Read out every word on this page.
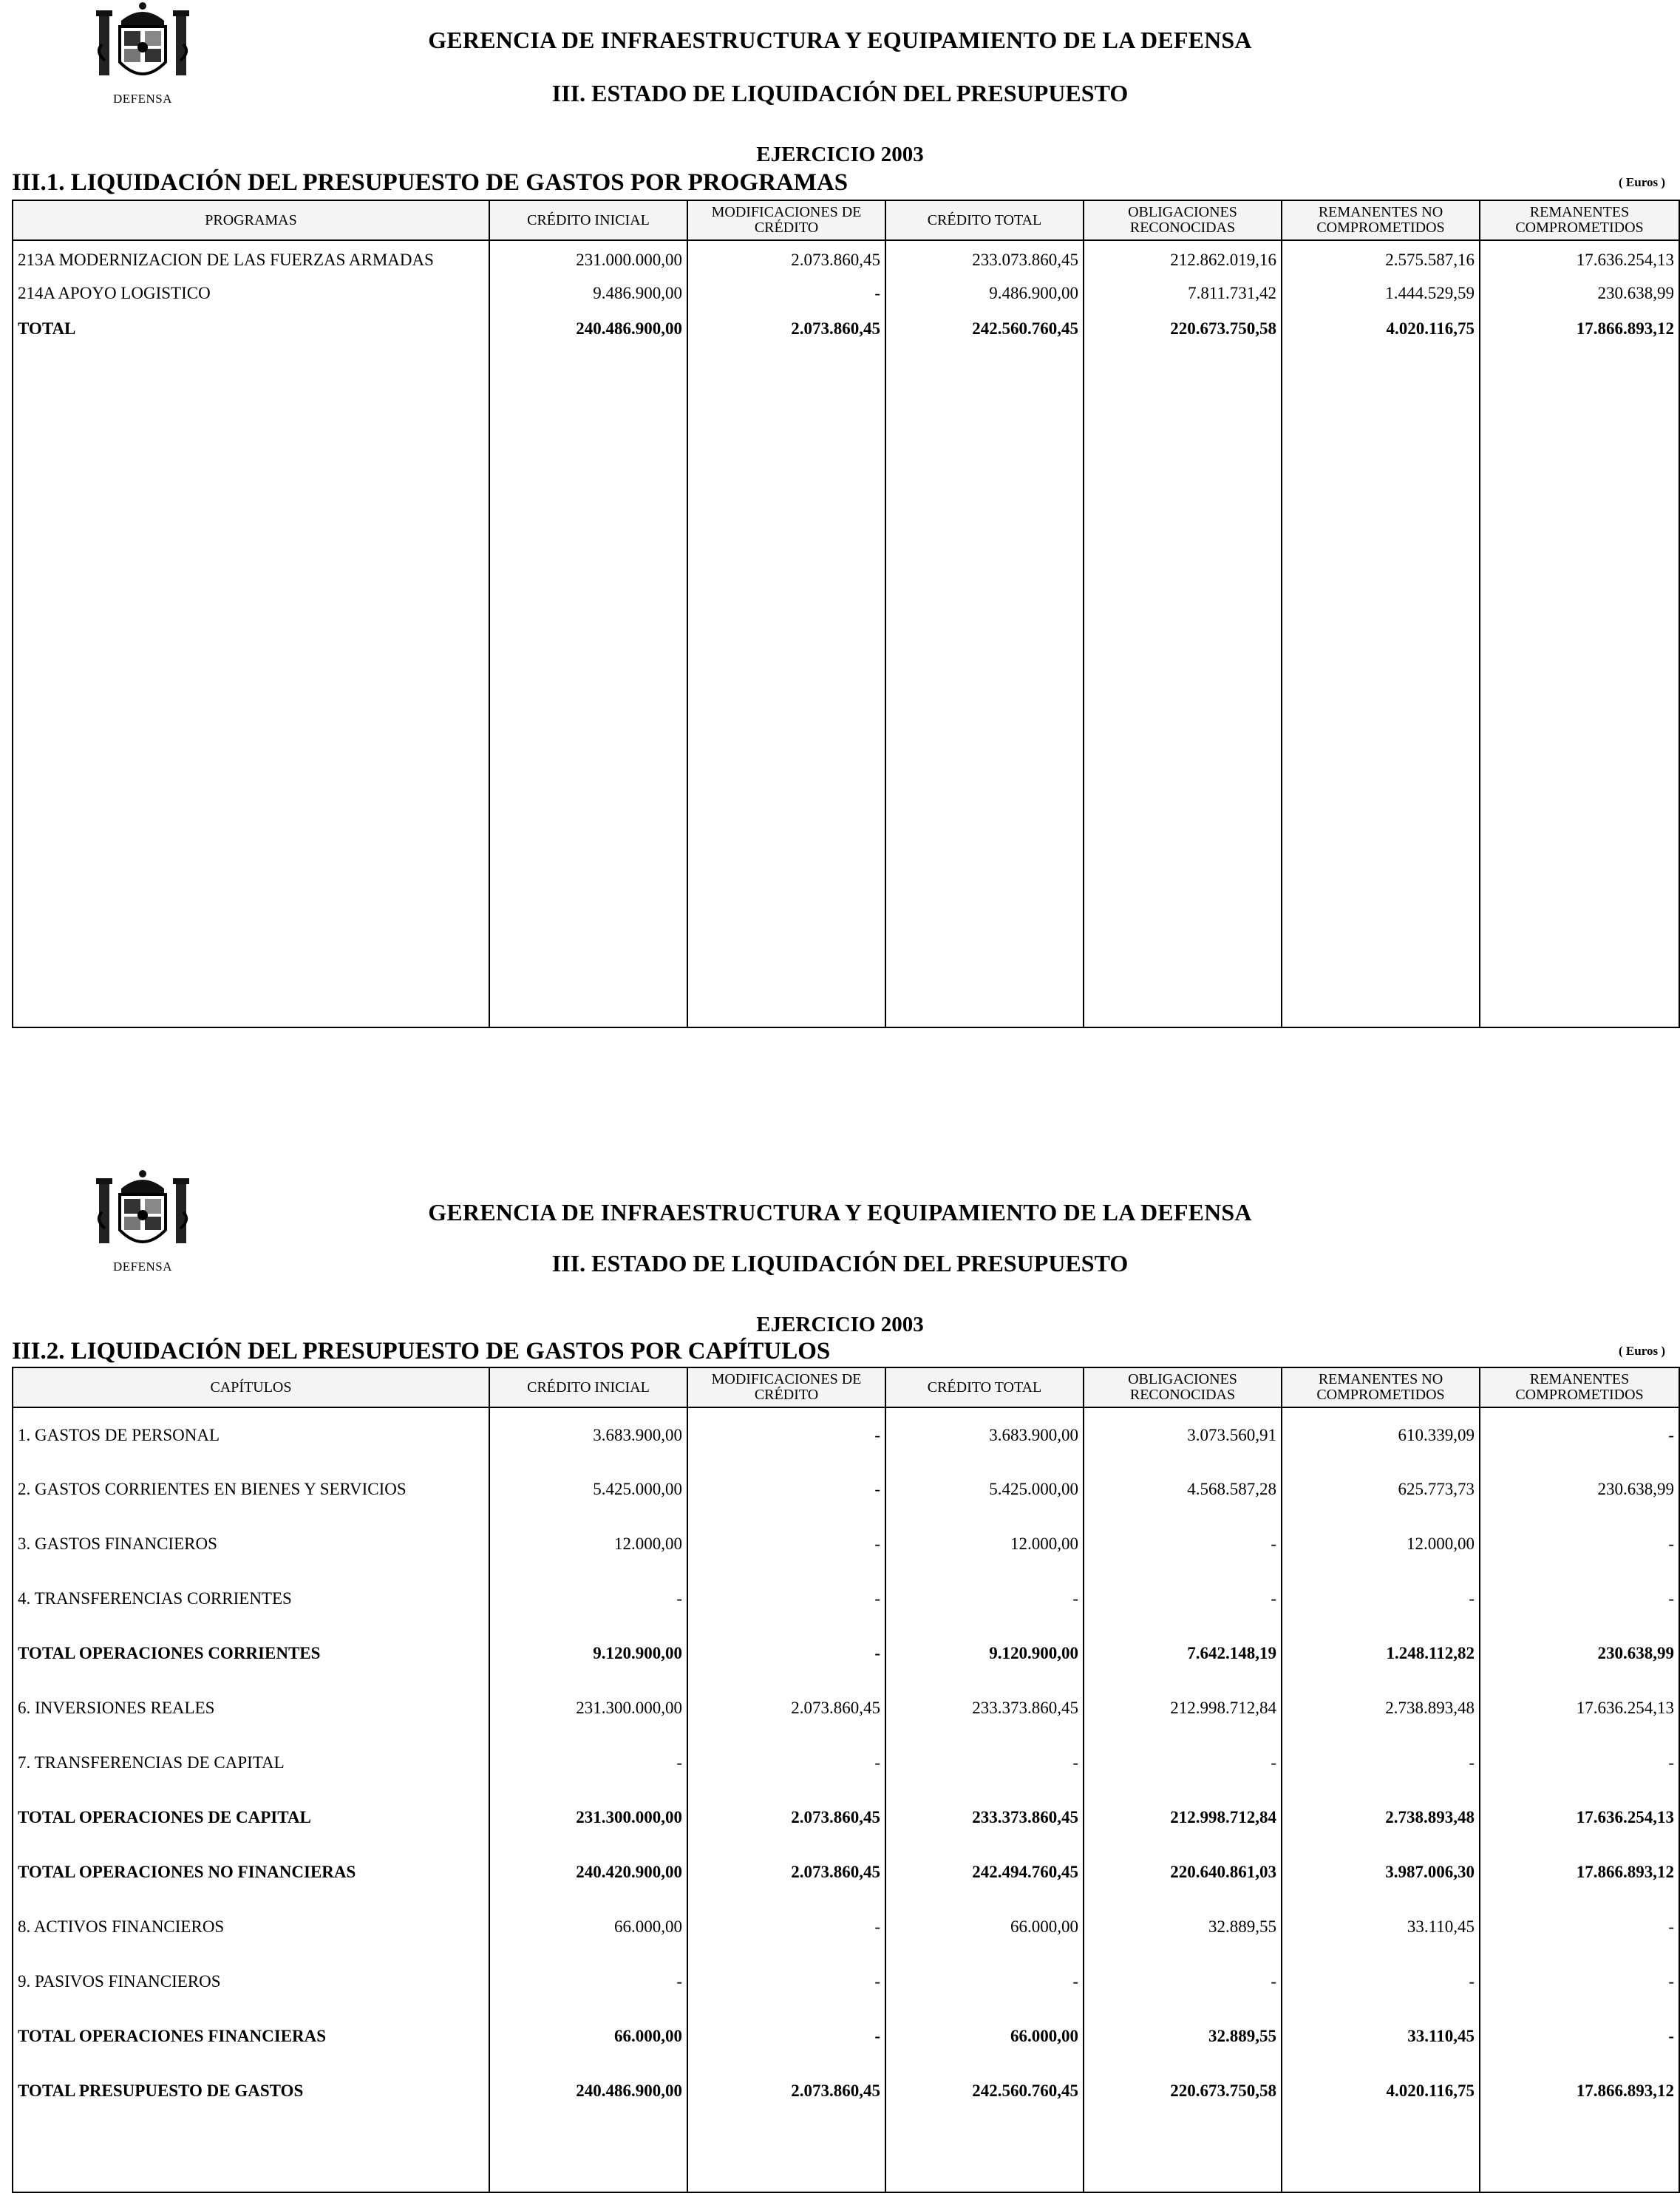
DEFENSA
GERENCIA DE INFRAESTRUCTURA Y EQUIPAMIENTO DE LA DEFENSA
III. ESTADO DE LIQUIDACIÓN DEL PRESUPUESTO
EJERCICIO 2003
III.1. LIQUIDACIÓN DEL PRESUPUESTO DE GASTOS POR PROGRAMAS	( Euros )
PROGRAMAS	CRÉDITO INICIAL	MODIFICACIONES DE CRÉDITO	CRÉDITO TOTAL	OBLIGACIONES RECONOCIDAS	REMANENTES NO COMPROMETIDOS	REMANENTES COMPROMETIDOS
213A MODERNIZACION DE LAS FUERZAS ARMADAS	231.000.000,00	2.073.860,45	233.073.860,45	212.862.019,16	2.575.587,16	17.636.254,13
214A APOYO LOGISTICO	9.486.900,00	-	9.486.900,00	7.811.731,42	1.444.529,59	230.638,99
TOTAL	240.486.900,00	2.073.860,45	242.560.760,45	220.673.750,58	4.020.116,75	17.866.893,12

DEFENSA
GERENCIA DE INFRAESTRUCTURA Y EQUIPAMIENTO DE LA DEFENSA
III. ESTADO DE LIQUIDACIÓN DEL PRESUPUESTO
EJERCICIO 2003
III.2. LIQUIDACIÓN DEL PRESUPUESTO DE GASTOS POR CAPÍTULOS	( Euros )
CAPÍTULOS	CRÉDITO INICIAL	MODIFICACIONES DE CRÉDITO	CRÉDITO TOTAL	OBLIGACIONES RECONOCIDAS	REMANENTES NO COMPROMETIDOS	REMANENTES COMPROMETIDOS
1. GASTOS DE PERSONAL	3.683.900,00	-	3.683.900,00	3.073.560,91	610.339,09	-
2. GASTOS CORRIENTES EN BIENES Y SERVICIOS	5.425.000,00	-	5.425.000,00	4.568.587,28	625.773,73	230.638,99
3. GASTOS FINANCIEROS	12.000,00	-	12.000,00	-	12.000,00	-
4. TRANSFERENCIAS CORRIENTES	-	-	-	-	-	-
TOTAL OPERACIONES CORRIENTES	9.120.900,00	-	9.120.900,00	7.642.148,19	1.248.112,82	230.638,99
6. INVERSIONES REALES	231.300.000,00	2.073.860,45	233.373.860,45	212.998.712,84	2.738.893,48	17.636.254,13
7. TRANSFERENCIAS DE CAPITAL	-	-	-	-	-	-
TOTAL OPERACIONES DE CAPITAL	231.300.000,00	2.073.860,45	233.373.860,45	212.998.712,84	2.738.893,48	17.636.254,13
TOTAL OPERACIONES NO FINANCIERAS	240.420.900,00	2.073.860,45	242.494.760,45	220.640.861,03	3.987.006,30	17.866.893,12
8. ACTIVOS FINANCIEROS	66.000,00	-	66.000,00	32.889,55	33.110,45	-
9. PASIVOS FINANCIEROS	-	-	-	-	-	-
TOTAL OPERACIONES FINANCIERAS	66.000,00	-	66.000,00	32.889,55	33.110,45	-
TOTAL PRESUPUESTO DE GASTOS	240.486.900,00	2.073.860,45	242.560.760,45	220.673.750,58	4.020.116,75	17.866.893,12
